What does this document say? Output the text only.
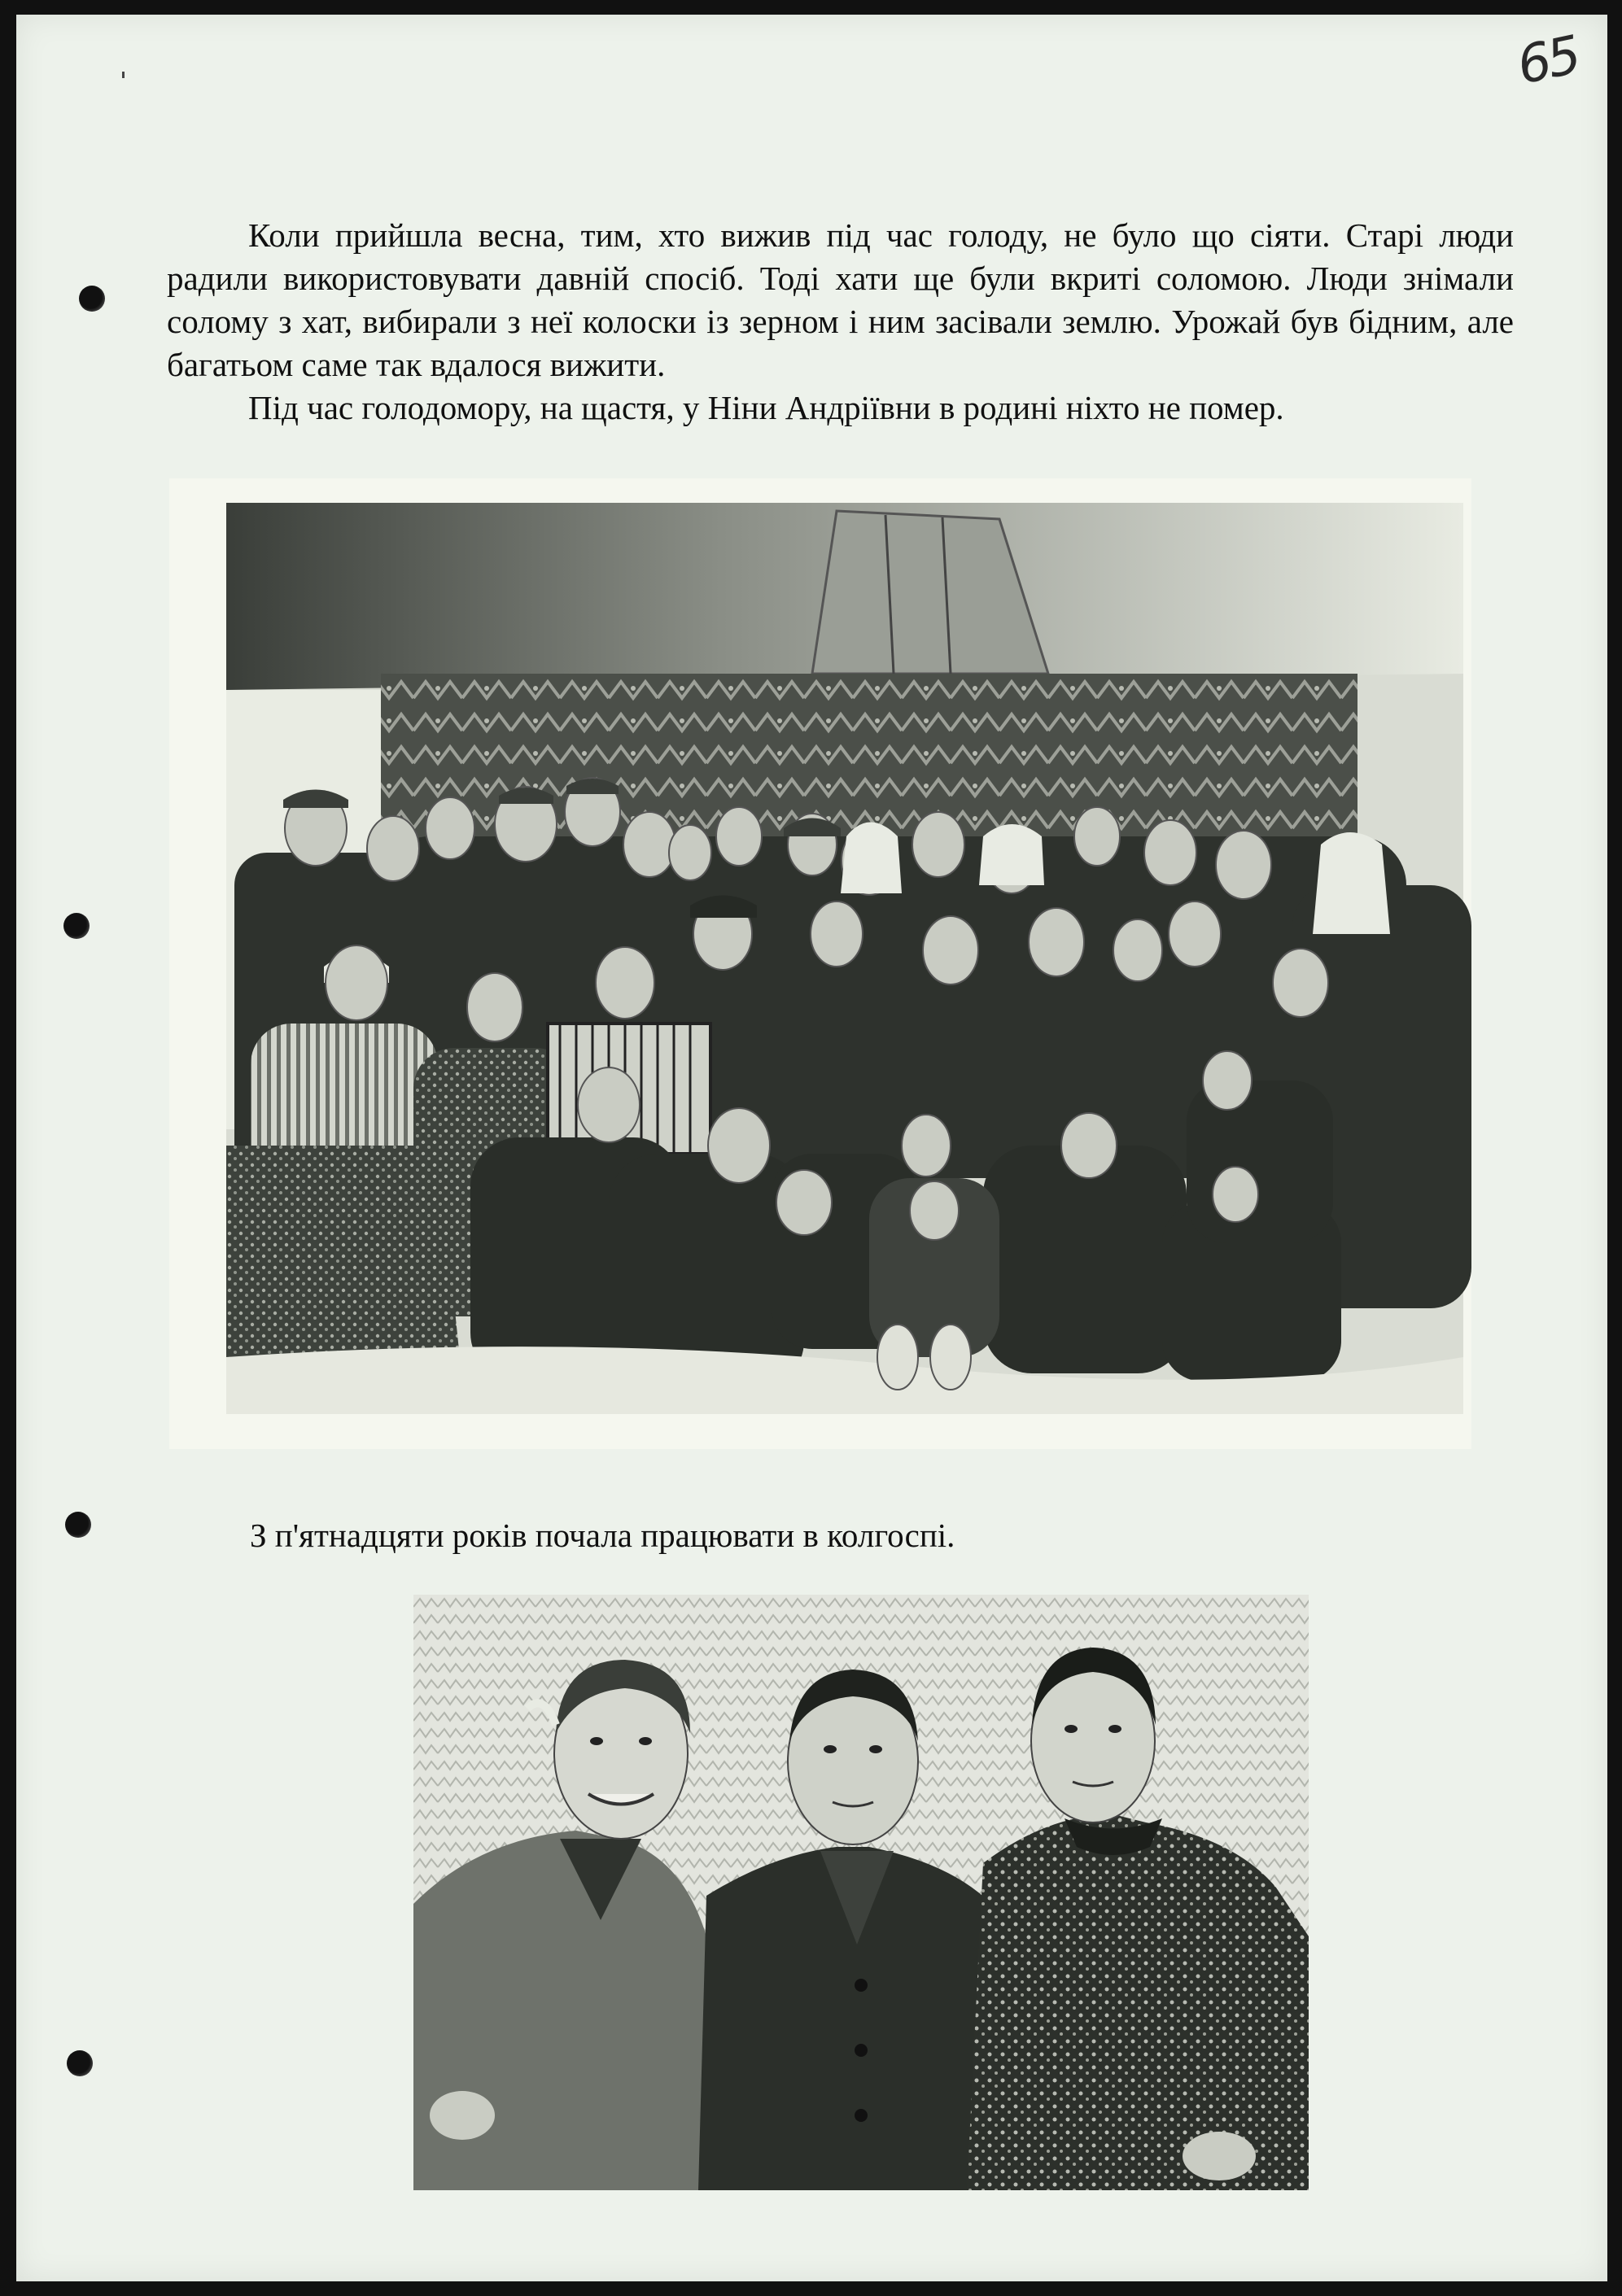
65

Коли прийшла весна, тим, хто вижив під час голоду, не було що сіяти. Старі люди радили використовувати давній спосіб. Тоді хати ще були вкриті соломою. Люди знімали солому з хат, вибирали з неї колоски із зерном і ним засівали землю. Урожай був бідним, але багатьом саме так вдалося вижити.

Під час голодомору, на щастя, у Ніни Андріївни в родині ніхто не помер.

З п'ятнадцяти років почала працювати в колгоспі.
